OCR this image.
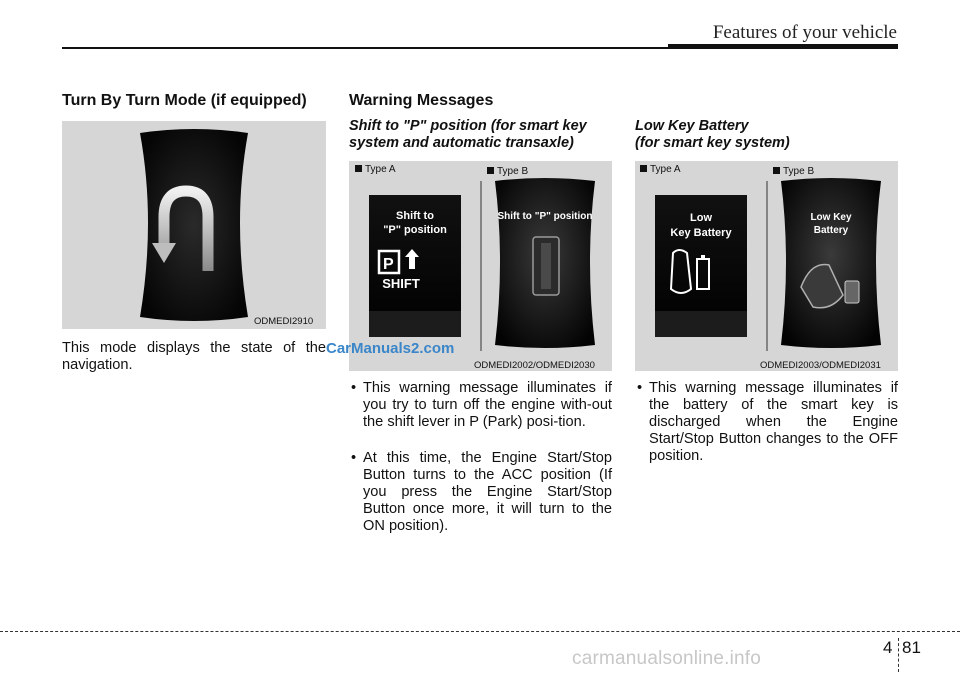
Features of your vehicle
Turn By Turn Mode (if equipped)
ODMEDI2910
This mode displays the state of the navigation.
Warning Messages
Shift to "P" position (for smart key
system and automatic transaxle)
P
Type A	Type B
Shift to
"P" position
SHIFT
Shift to "P" position
ODMEDI2002/ODMEDI2030
• This warning message illuminates if you try to turn off the engine with-out the shift lever in P (Park) posi-tion.
• At this time, the Engine Start/Stop Button turns to the ACC position (If you press the Engine Start/Stop Button once more, it will turn to the ON position).
Low Key Battery
(for smart key system)
Type A	Type B
Low
Key Battery
Low Key
Battery
ODMEDI2003/ODMEDI2031
• This warning message illuminates if the battery of the smart key is discharged when the Engine Start/Stop Button changes to the OFF position.
CarManuals2.com
4 81
carmanualsonline.info
